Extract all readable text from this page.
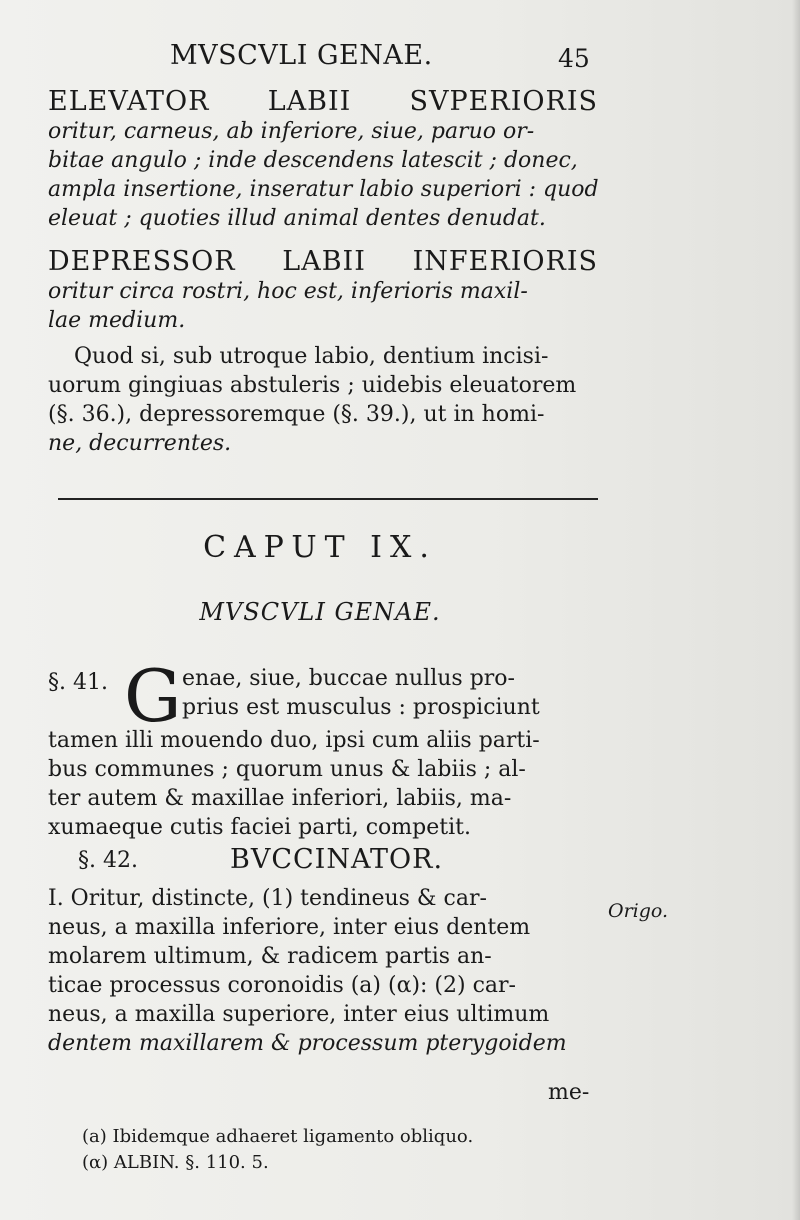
MVSCVLI GENAE.	45
ELEVATOR LABII SVPERIORIS
oritur, carneus, ab inferiore, siue, paruo or-
bitae angulo ; inde descendens latescit ; donec,
ampla insertione, inseratur labio superiori : quod
eleuat ; quoties illud animal dentes denudat.
DEPRESSOR LABII INFERIORIS
oritur circa rostri, hoc est, inferioris maxil-
lae medium.
Quod si, sub utroque labio, dentium incisi-
uorum gingiuas abstuleris ; uidebis eleuatorem
(§. 36.), depressoremque (§. 39.), ut in homi-
ne, decurrentes.
CAPUT IX.
MVSCVLI GENAE.
§. 41. G enae, siue, buccae nullus pro-
prius est musculus : prospiciunt
tamen illi mouendo duo, ipsi cum aliis parti-
bus communes ; quorum unus & labiis ; al-
ter autem & maxillae inferiori, labiis, ma-
xumaeque cutis faciei parti, competit.
§. 42.	BVCCINATOR.
I. Oritur, distincte, (1) tendineus & car-
neus, a maxilla inferiore, inter eius dentem
molarem ultimum, & radicem partis an-
ticae processus coronoidis (a) (α): (2) car-
neus, a maxilla superiore, inter eius ultimum
dentem maxillarem & processum pterygoidem
Origo.
me-
(a) Ibidemque adhaeret ligamento obliquo.
(α) ALBIN. §. 110. 5.
